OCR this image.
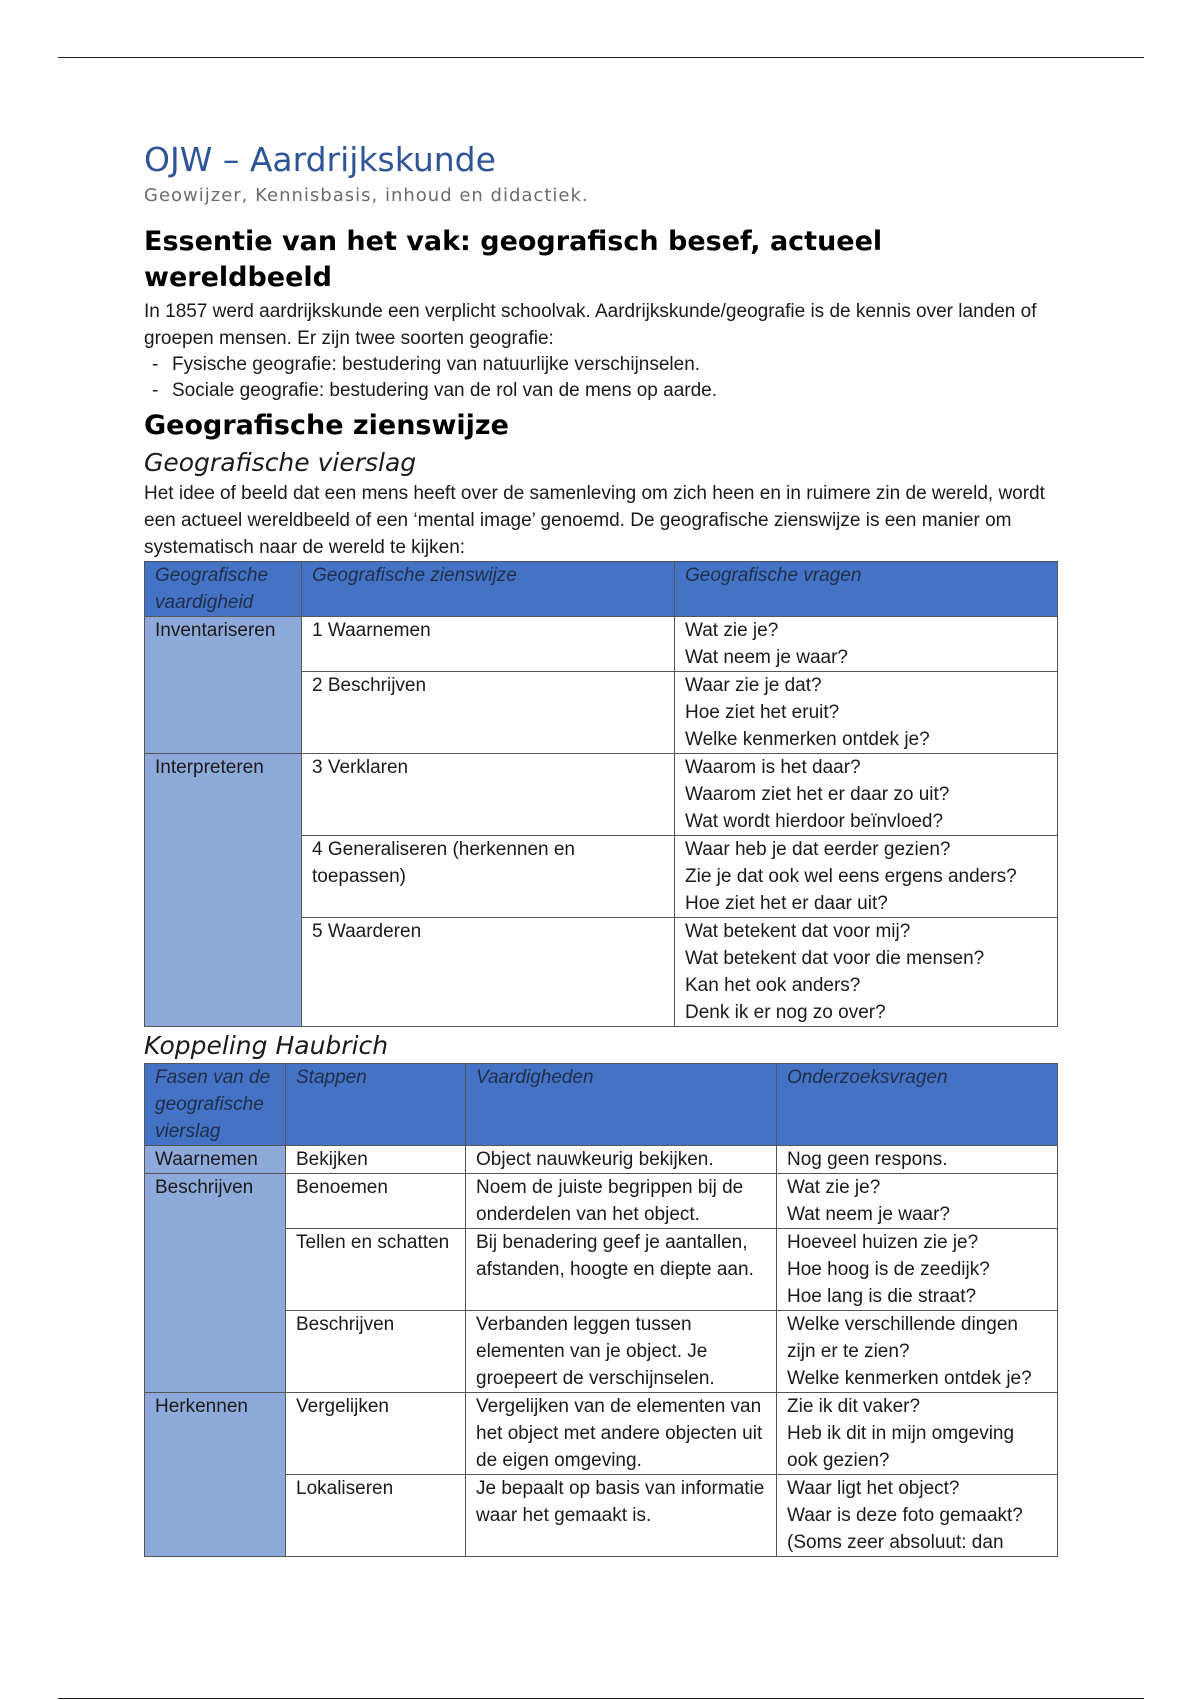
OJW – Aardrijkskunde
Geowijzer, Kennisbasis, inhoud en didactiek.
Essentie van het vak: geografisch besef, actueel wereldbeeld

In 1857 werd aardrijkskunde een verplicht schoolvak. Aardrijkskunde/geografie is de kennis over landen of groepen mensen. Er zijn twee soorten geografie:

- Fysische geografie: bestudering van natuurlijke verschijnselen.
- Sociale geografie: bestudering van de rol van de mens op aarde.
Geografische zienswijze
Geografische vierslag

Het idee of beeld dat een mens heeft over de samenleving om zich heen en in ruimere zin de wereld, wordt een actueel wereldbeeld of een ‘mental image’ genoemd. De geografische zienswijze is een manier om systematisch naar de wereld te kijken:

Geografische vaardigheid	Geografische zienswijze	Geografische vragen
Inventariseren	1 Waarnemen	Wat zie je?
Wat neem je waar?
	2 Beschrijven	Waar zie je dat?
Hoe ziet het eruit?
Welke kenmerken ontdek je?
Interpreteren	3 Verklaren	Waarom is het daar?
Waarom ziet het er daar zo uit?
Wat wordt hierdoor beïnvloed?
	4 Generaliseren (herkennen en toepassen)	Waar heb je dat eerder gezien?
Zie je dat ook wel eens ergens anders?
Hoe ziet het er daar uit?
	5 Waarderen	Wat betekent dat voor mij?
Wat betekent dat voor die mensen?
Kan het ook anders?
Denk ik er nog zo over?
Koppeling Haubrich
Fasen van de geografische vierslag	Stappen	Vaardigheden	Onderzoeksvragen
Waarnemen	Bekijken	Object nauwkeurig bekijken.	Nog geen respons.
Beschrijven	Benoemen	Noem de juiste begrippen bij de onderdelen van het object.	Wat zie je?
Wat neem je waar?
	Tellen en schatten	Bij benadering geef je aantallen, afstanden, hoogte en diepte aan.	Hoeveel huizen zie je?
Hoe hoog is de zeedijk?
Hoe lang is die straat?
	Beschrijven	Verbanden leggen tussen elementen van je object. Je groepeert de verschijnselen.	Welke verschillende dingen zijn er te zien?
Welke kenmerken ontdek je?
Herkennen	Vergelijken	Vergelijken van de elementen van het object met andere objecten uit de eigen omgeving.	Zie ik dit vaker?
Heb ik dit in mijn omgeving ook gezien?
	Lokaliseren	Je bepaalt op basis van informatie waar het gemaakt is.	Waar ligt het object?
Waar is deze foto gemaakt?
(Soms zeer absoluut: dan
